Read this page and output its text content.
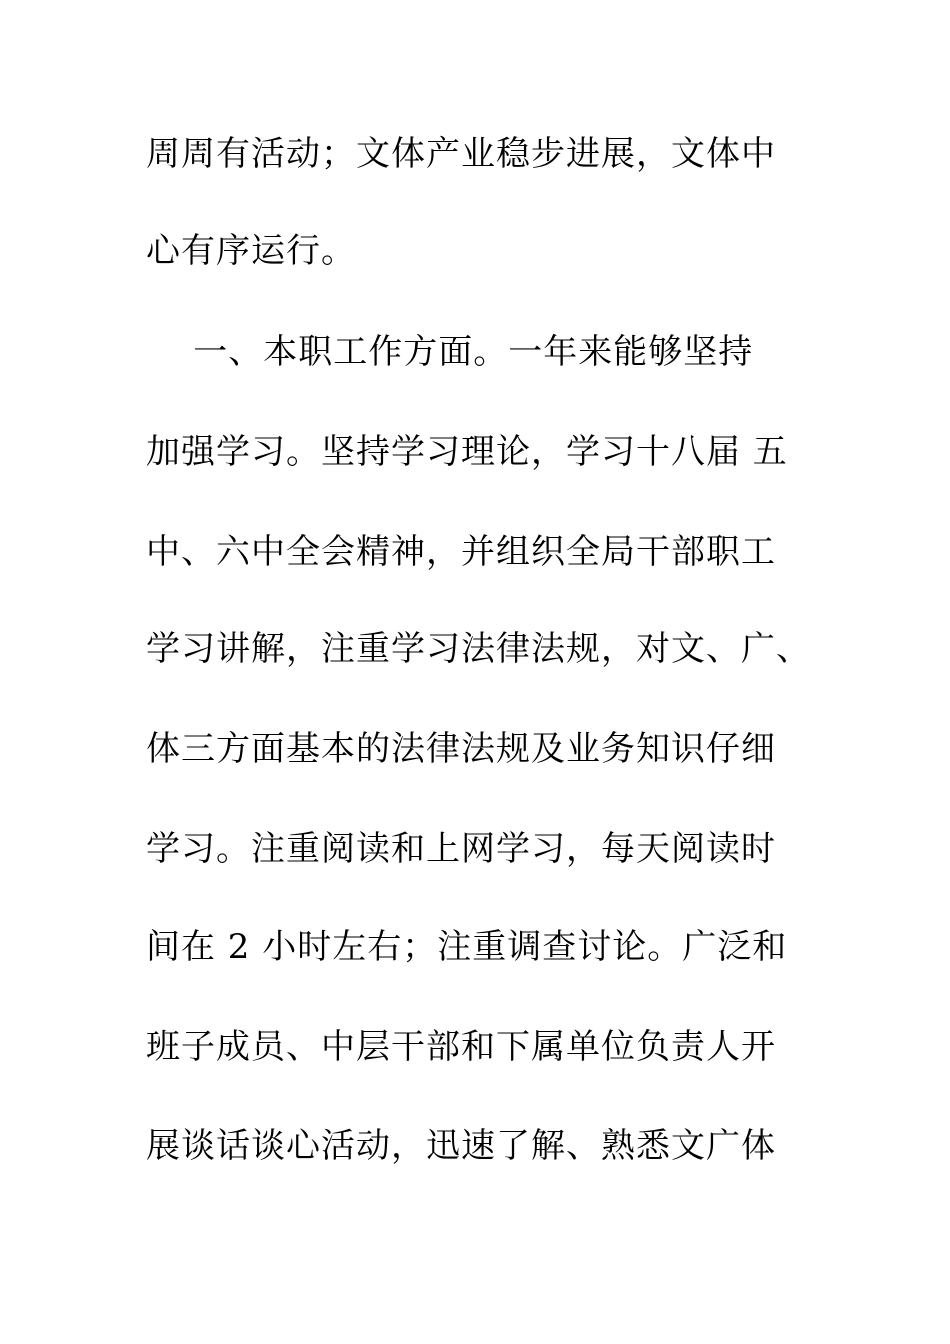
周周有活动；文体产业稳步进展，文体中
心有序运行。
一、本职工作方面。一年来能够坚持
加强学习。坚持学习理论，学习十八届 五
中、六中全会精神，并组织全局干部职工
学习讲解，注重学习法律法规，对文、广、
体三方面基本的法律法规及业务知识仔细
学习。注重阅读和上网学习，每天阅读时
间在 2 小时左右；注重调查讨论。广泛和
班子成员、中层干部和下属单位负责人开
展谈话谈心活动，迅速了解、熟悉文广体
